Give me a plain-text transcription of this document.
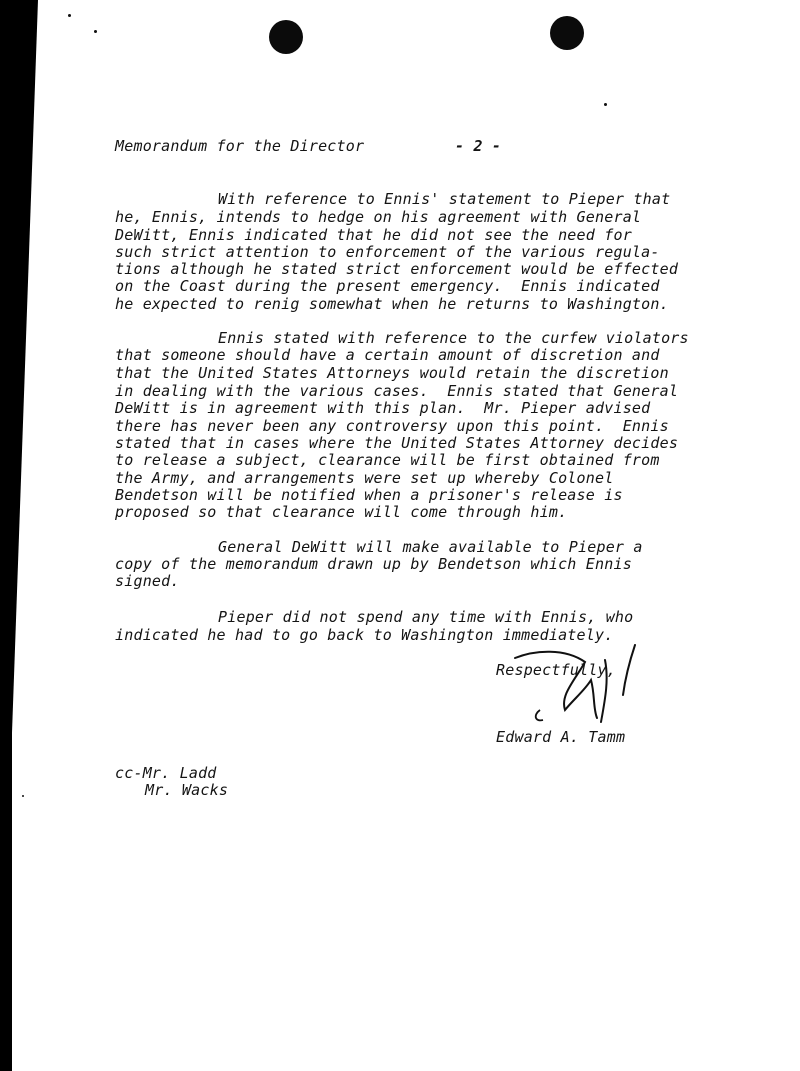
Memorandum for the Director	- 2 -
With reference to Ennis' statement to Pieper that
he, Ennis, intends to hedge on his agreement with General
DeWitt, Ennis indicated that he did not see the need for
such strict attention to enforcement of the various regula-
tions although he stated strict enforcement would be effected
on the Coast during the present emergency.  Ennis indicated
he expected to renig somewhat when he returns to Washington.
Ennis stated with reference to the curfew violators
that someone should have a certain amount of discretion and
that the United States Attorneys would retain the discretion
in dealing with the various cases.  Ennis stated that General
DeWitt is in agreement with this plan.  Mr. Pieper advised
there has never been any controversy upon this point.  Ennis
stated that in cases where the United States Attorney decides
to release a subject, clearance will be first obtained from
the Army, and arrangements were set up whereby Colonel
Bendetson will be notified when a prisoner's release is
proposed so that clearance will come through him.
General DeWitt will make available to Pieper a
copy of the memorandum drawn up by Bendetson which Ennis
signed.
Pieper did not spend any time with Ennis, who
indicated he had to go back to Washington immediately.
Respectfully,
Edward A. Tamm
cc-Mr. Ladd
Mr. Wacks
